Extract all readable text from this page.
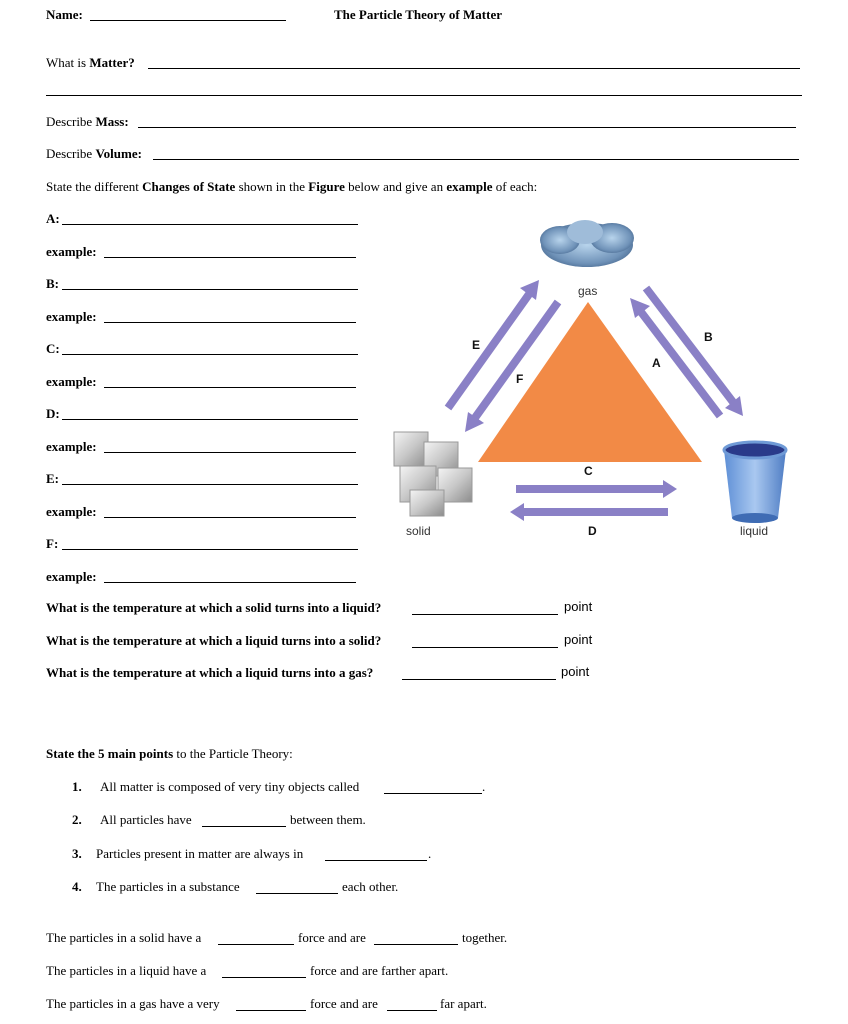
Name:	The Particle Theory of Matter
What is Matter?
Describe Mass:
Describe Volume:
State the different Changes of State shown in the Figure below and give an example of each:
A:
example:
B:
example:
C:
example:
D:
example:
E:
example:
F:
example:
gas
solid	liquid
E
F
A
B
C
D
What is the temperature at which a solid turns into a liquid?	point
What is the temperature at which a liquid turns into a solid?	point
What is the temperature at which a liquid turns into a gas?	point
State the 5 main points to the Particle Theory:
1. All matter is composed of very tiny objects called	.
2. All particles have	between them.
3. Particles present in matter are always in	.
4. The particles in a substance	each other.
The particles in a solid have a	force and are	together.
The particles in a liquid have a	force and are farther apart.
The particles in a gas have a very	force and are	far apart.
